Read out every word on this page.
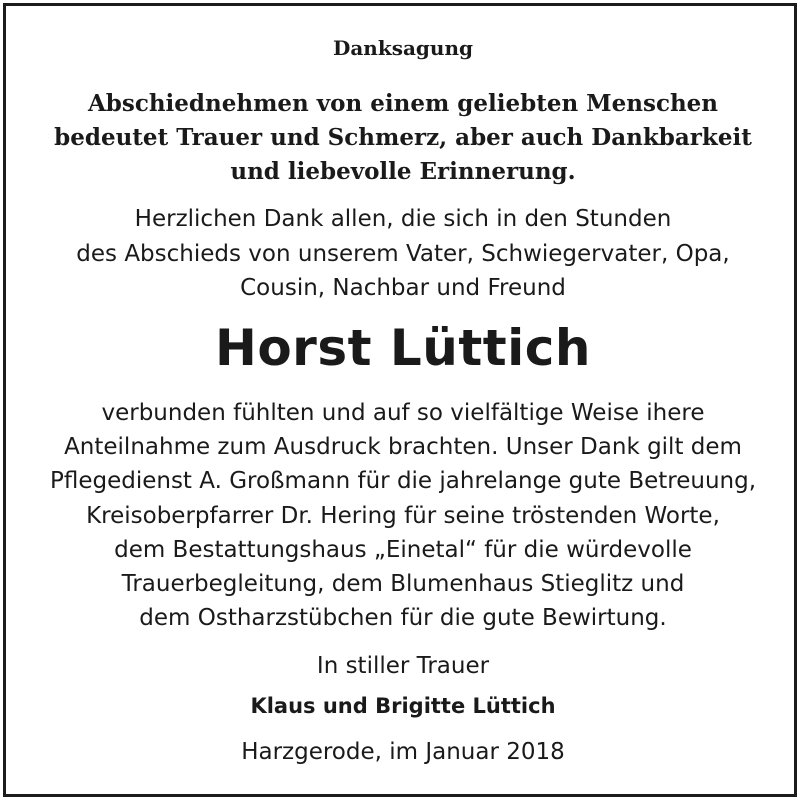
Danksagung
Abschiednehmen von einem geliebten Menschen
bedeutet Trauer und Schmerz, aber auch Dankbarkeit
und liebevolle Erinnerung.
Herzlichen Dank allen, die sich in den Stunden
des Abschieds von unserem Vater, Schwiegervater, Opa,
Cousin, Nachbar und Freund
Horst Lüttich
verbunden fühlten und auf so vielfältige Weise ihere
Anteilnahme zum Ausdruck brachten. Unser Dank gilt dem
Pflegedienst A. Großmann für die jahrelange gute Betreuung,
Kreisoberpfarrer Dr. Hering für seine tröstenden Worte,
dem Bestattungshaus „Einetal“ für die würdevolle
Trauerbegleitung, dem Blumenhaus Stieglitz und
dem Ostharzstübchen für die gute Bewirtung.
In stiller Trauer
Klaus und Brigitte Lüttich
Harzgerode, im Januar 2018
